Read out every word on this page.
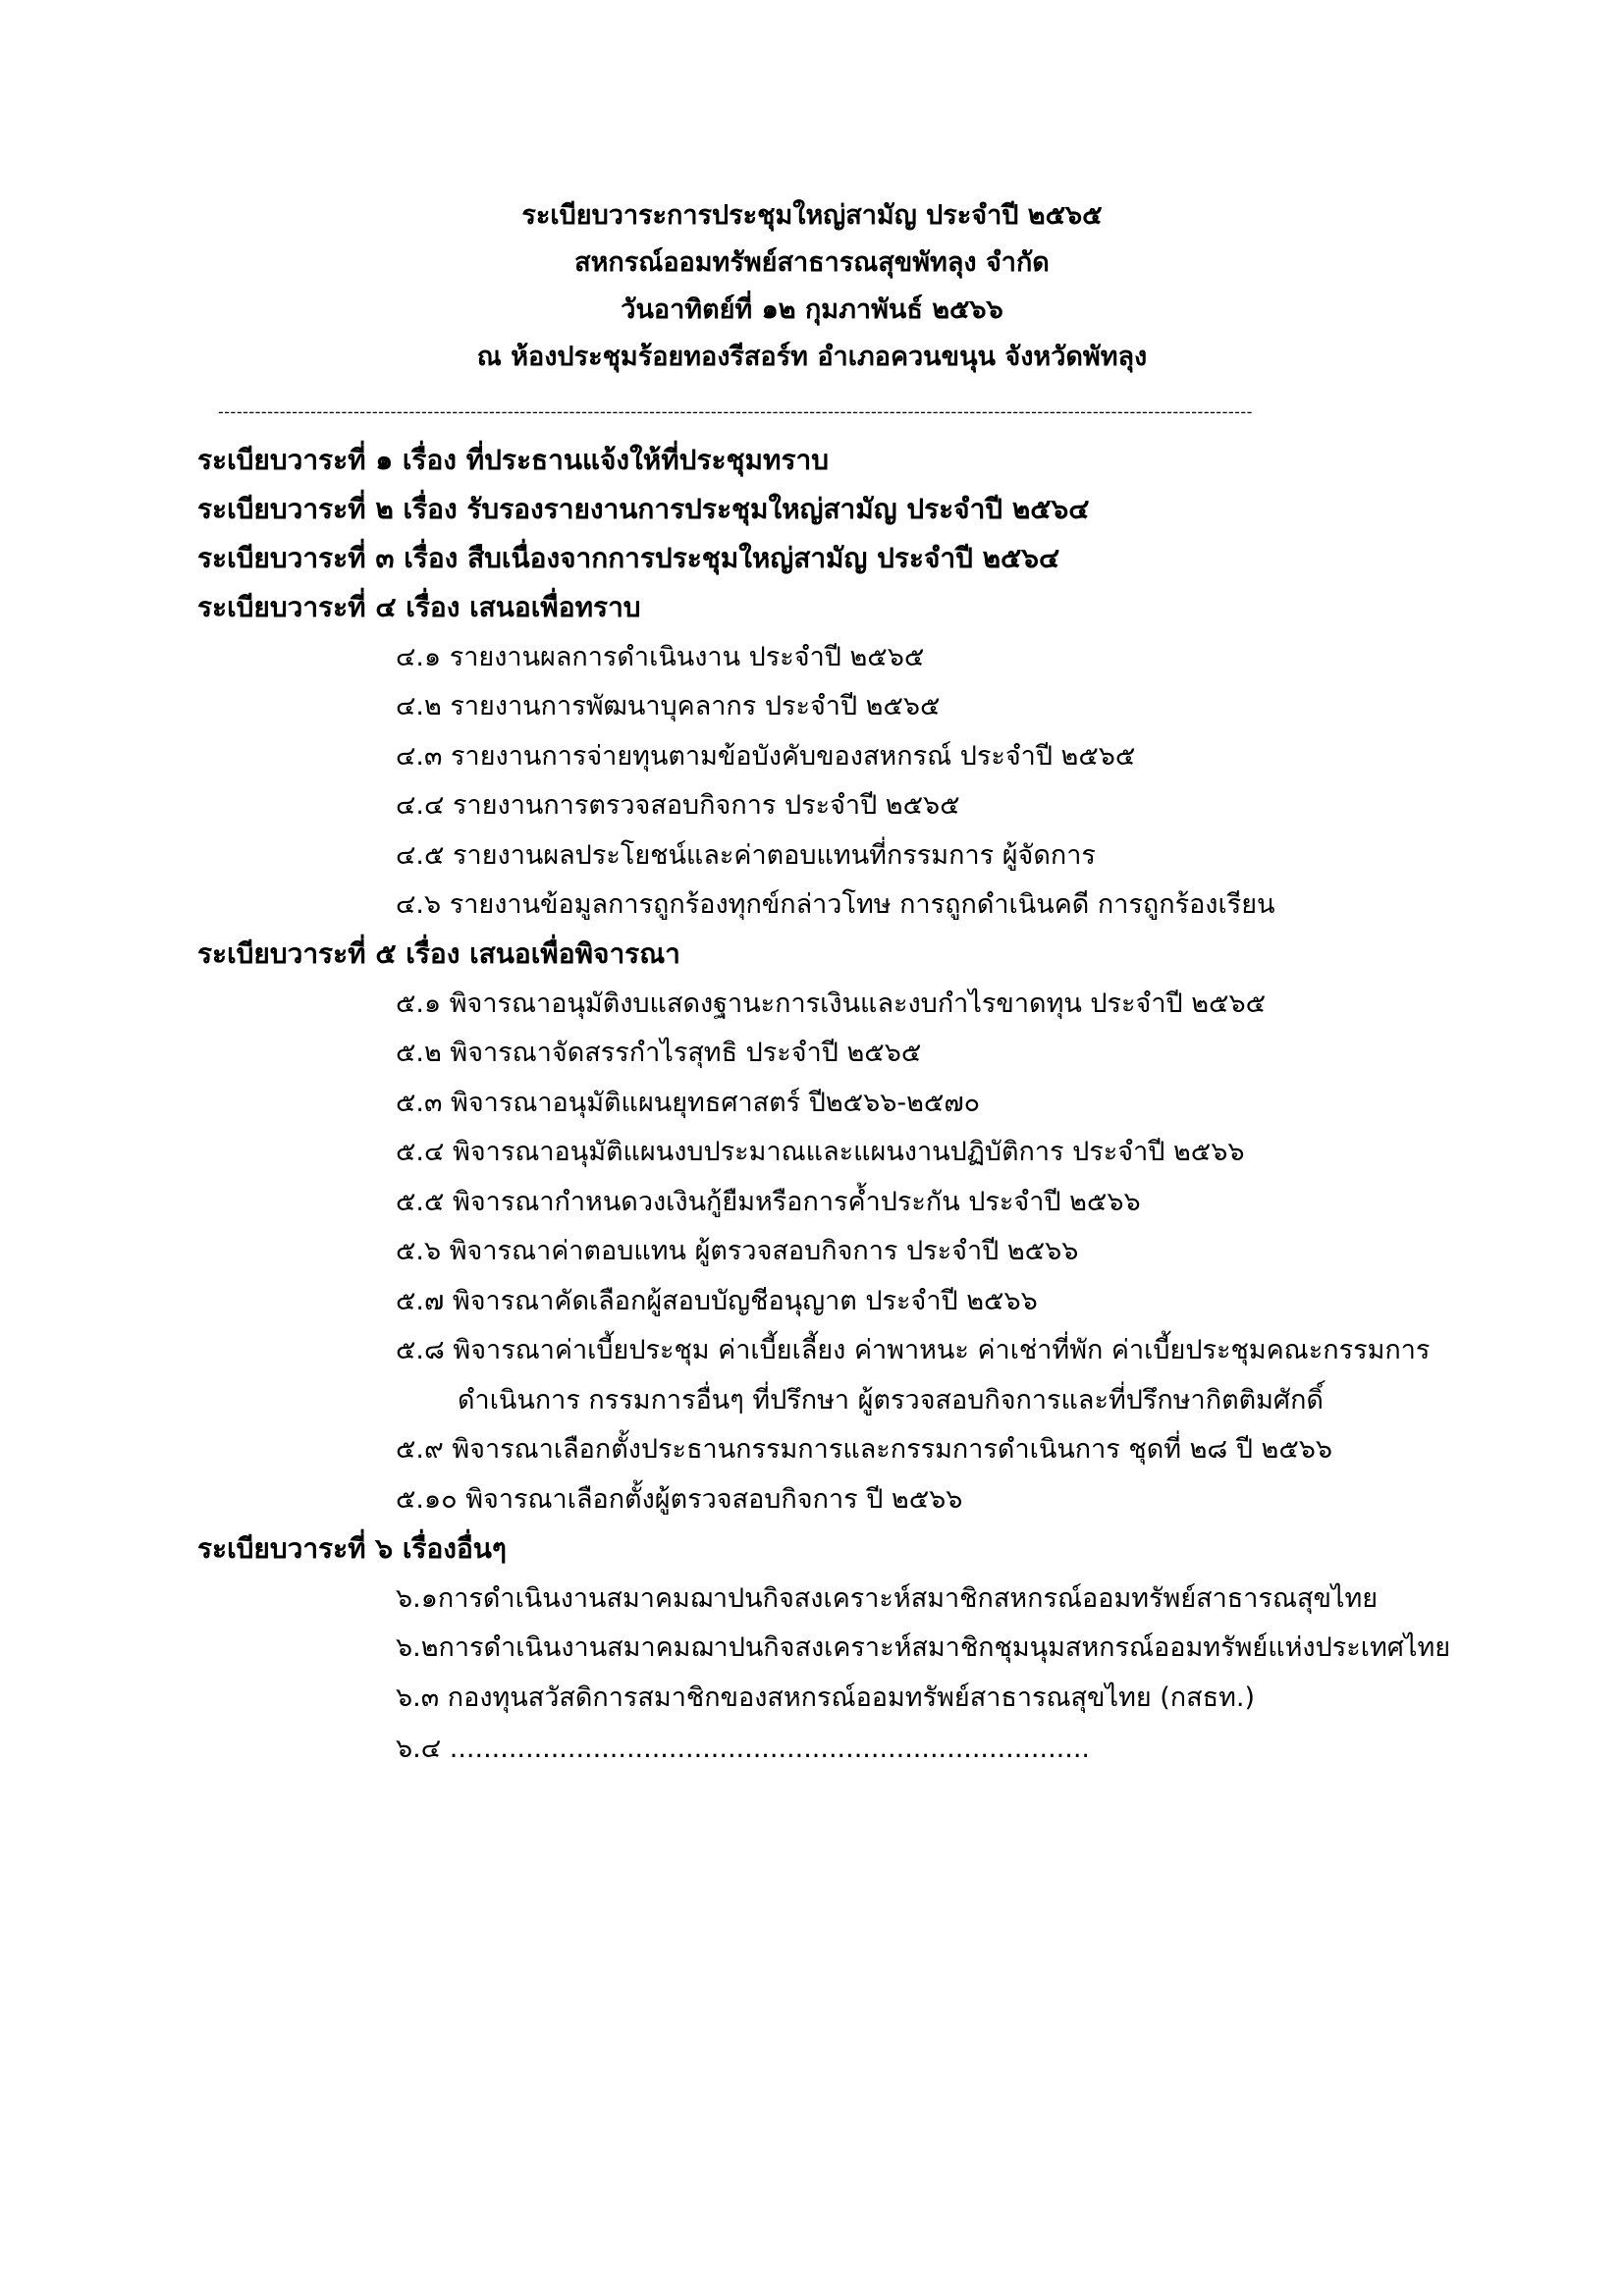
ระเบียบวาระการประชุมใหญ่สามัญ ประจำปี ๒๕๖๕
สหกรณ์ออมทรัพย์สาธารณสุขพัทลุง จำกัด
วันอาทิตย์ที่ ๑๒ กุมภาพันธ์ ๒๕๖๖
ณ ห้องประชุมร้อยทองรีสอร์ท อำเภอควนขนุน จังหวัดพัทลุง
------------------------------------------------------------------------------------------------------------------------------------------------------------------------
ระเบียบวาระที่ ๑ เรื่อง ที่ประธานแจ้งให้ที่ประชุมทราบ
ระเบียบวาระที่ ๒ เรื่อง รับรองรายงานการประชุมใหญ่สามัญ ประจำปี ๒๕๖๔
ระเบียบวาระที่ ๓ เรื่อง สืบเนื่องจากการประชุมใหญ่สามัญ ประจำปี ๒๕๖๔
ระเบียบวาระที่ ๔ เรื่อง เสนอเพื่อทราบ
๔.๑ รายงานผลการดำเนินงาน ประจำปี ๒๕๖๕
๔.๒ รายงานการพัฒนาบุคลากร ประจำปี ๒๕๖๕
๔.๓ รายงานการจ่ายทุนตามข้อบังคับของสหกรณ์ ประจำปี ๒๕๖๕
๔.๔ รายงานการตรวจสอบกิจการ ประจำปี ๒๕๖๕
๔.๕ รายงานผลประโยชน์และค่าตอบแทนที่กรรมการ ผู้จัดการ
๔.๖ รายงานข้อมูลการถูกร้องทุกข์กล่าวโทษ การถูกดำเนินคดี การถูกร้องเรียน
ระเบียบวาระที่ ๕ เรื่อง เสนอเพื่อพิจารณา
๕.๑ พิจารณาอนุมัติงบแสดงฐานะการเงินและงบกำไรขาดทุน ประจำปี ๒๕๖๕
๕.๒ พิจารณาจัดสรรกำไรสุทธิ ประจำปี ๒๕๖๕
๕.๓ พิจารณาอนุมัติแผนยุทธศาสตร์ ปี๒๕๖๖-๒๕๗๐
๕.๔ พิจารณาอนุมัติแผนงบประมาณและแผนงานปฏิบัติการ ประจำปี ๒๕๖๖
๕.๕ พิจารณากำหนดวงเงินกู้ยืมหรือการค้ำประกัน ประจำปี ๒๕๖๖
๕.๖ พิจารณาค่าตอบแทน ผู้ตรวจสอบกิจการ ประจำปี ๒๕๖๖
๕.๗ พิจารณาคัดเลือกผู้สอบบัญชีอนุญาต ประจำปี ๒๕๖๖
๕.๘ พิจารณาค่าเบี้ยประชุม ค่าเบี้ยเลี้ยง ค่าพาหนะ ค่าเช่าที่พัก ค่าเบี้ยประชุมคณะกรรมการ
ดำเนินการ กรรมการอื่นๆ ที่ปรึกษา ผู้ตรวจสอบกิจการและที่ปรึกษากิตติมศักดิ์
๕.๙ พิจารณาเลือกตั้งประธานกรรมการและกรรมการดำเนินการ ชุดที่ ๒๘ ปี ๒๕๖๖
๕.๑๐ พิจารณาเลือกตั้งผู้ตรวจสอบกิจการ ปี ๒๕๖๖
ระเบียบวาระที่ ๖ เรื่องอื่นๆ
๖.๑การดำเนินงานสมาคมฌาปนกิจสงเคราะห์สมาชิกสหกรณ์ออมทรัพย์สาธารณสุขไทย
๖.๒การดำเนินงานสมาคมฌาปนกิจสงเคราะห์สมาชิกชุมนุมสหกรณ์ออมทรัพย์แห่งประเทศไทย
๖.๓ กองทุนสวัสดิการสมาชิกของสหกรณ์ออมทรัพย์สาธารณสุขไทย (กสธท.)
๖.๔ ............................................................................
